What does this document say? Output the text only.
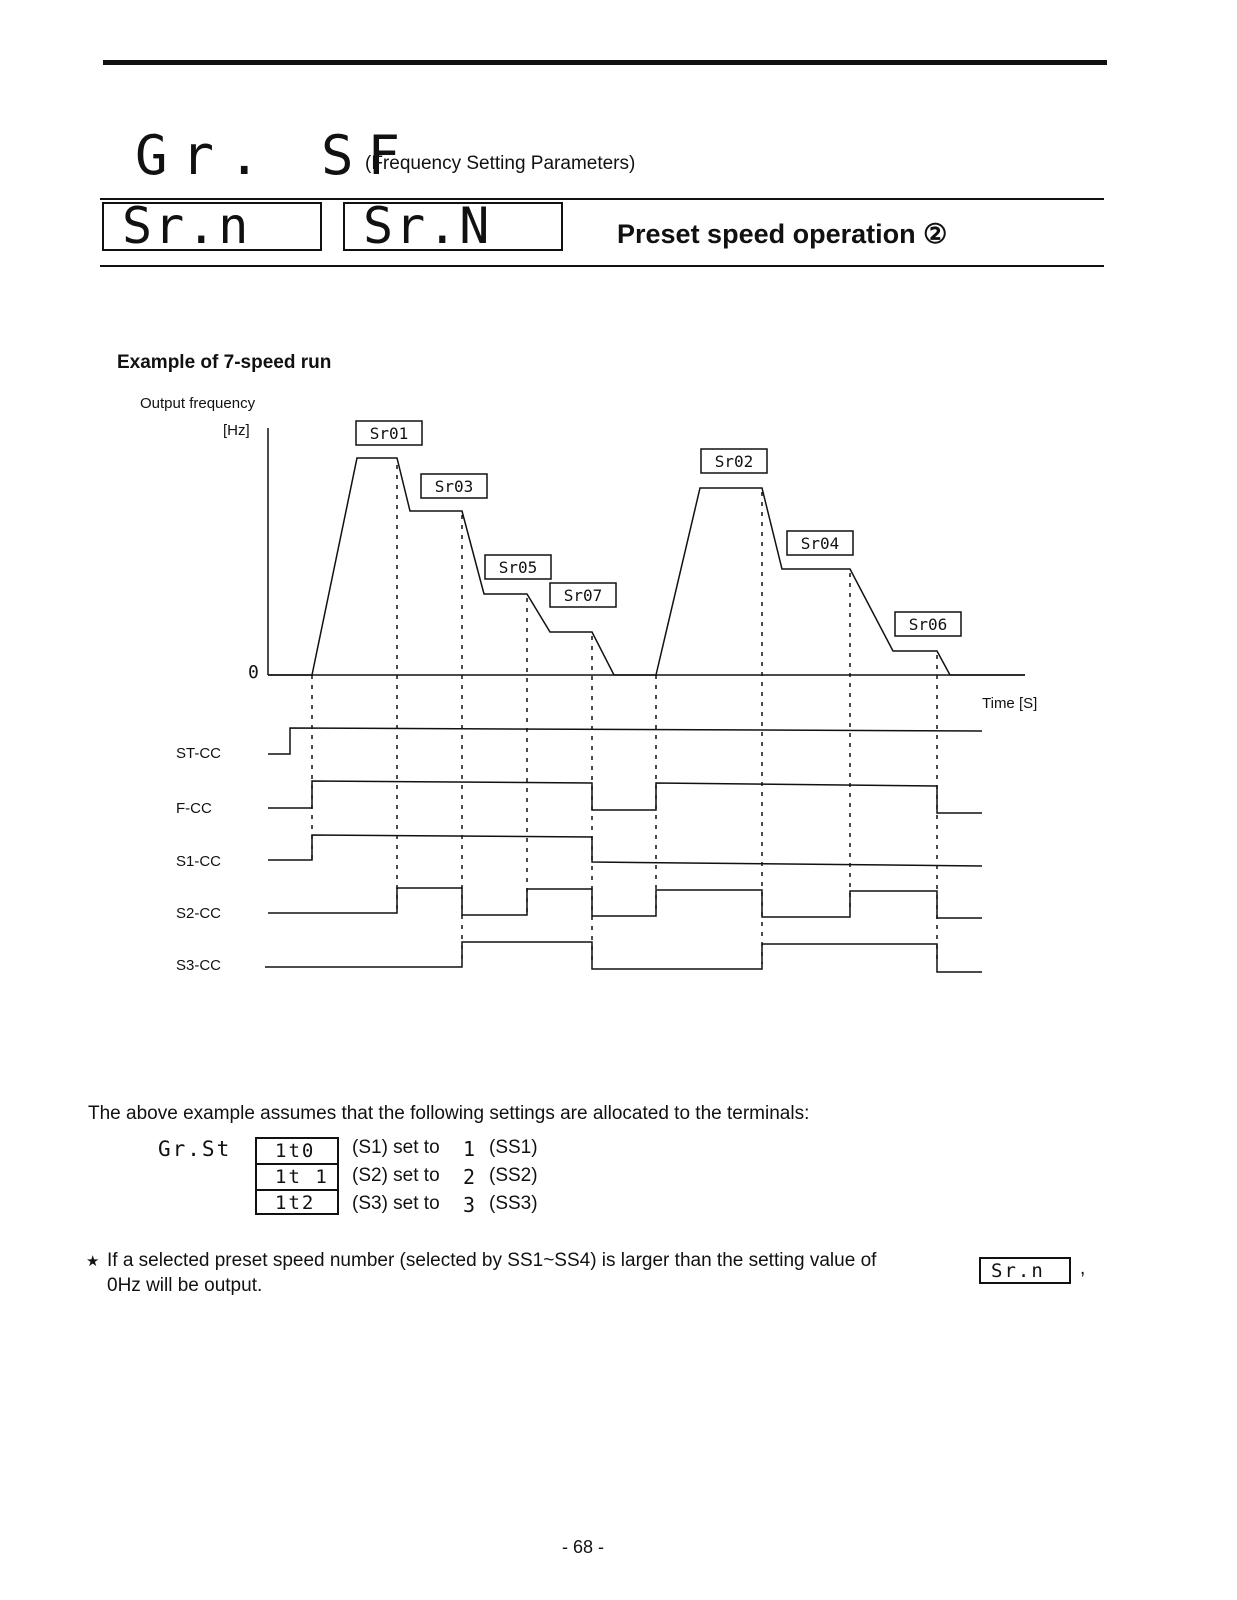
Gr. SF
(Frequency Setting Parameters)
Sr.n Sr.N	Preset speed operation ②
Example of 7-speed run
Output frequency
[Hz]
0
Time [S]
ST-CC
F-CC
S1-CC
S2-CC
S3-CC
Sr01
Sr03
Sr05
Sr07
Sr02
Sr04
Sr06
The above example assumes that the following settings are allocated to the terminals:
Gr.St 1t0
1t 1
1t2
(S1) set to 1 (SS1)
(S2) set to 2 (SS2)
(S3) set to 3 (SS3)
★ If a selected preset speed number (selected by SS1~SS4) is larger than the setting value of	Sr.n ,
0Hz will be output.
- 68 -
